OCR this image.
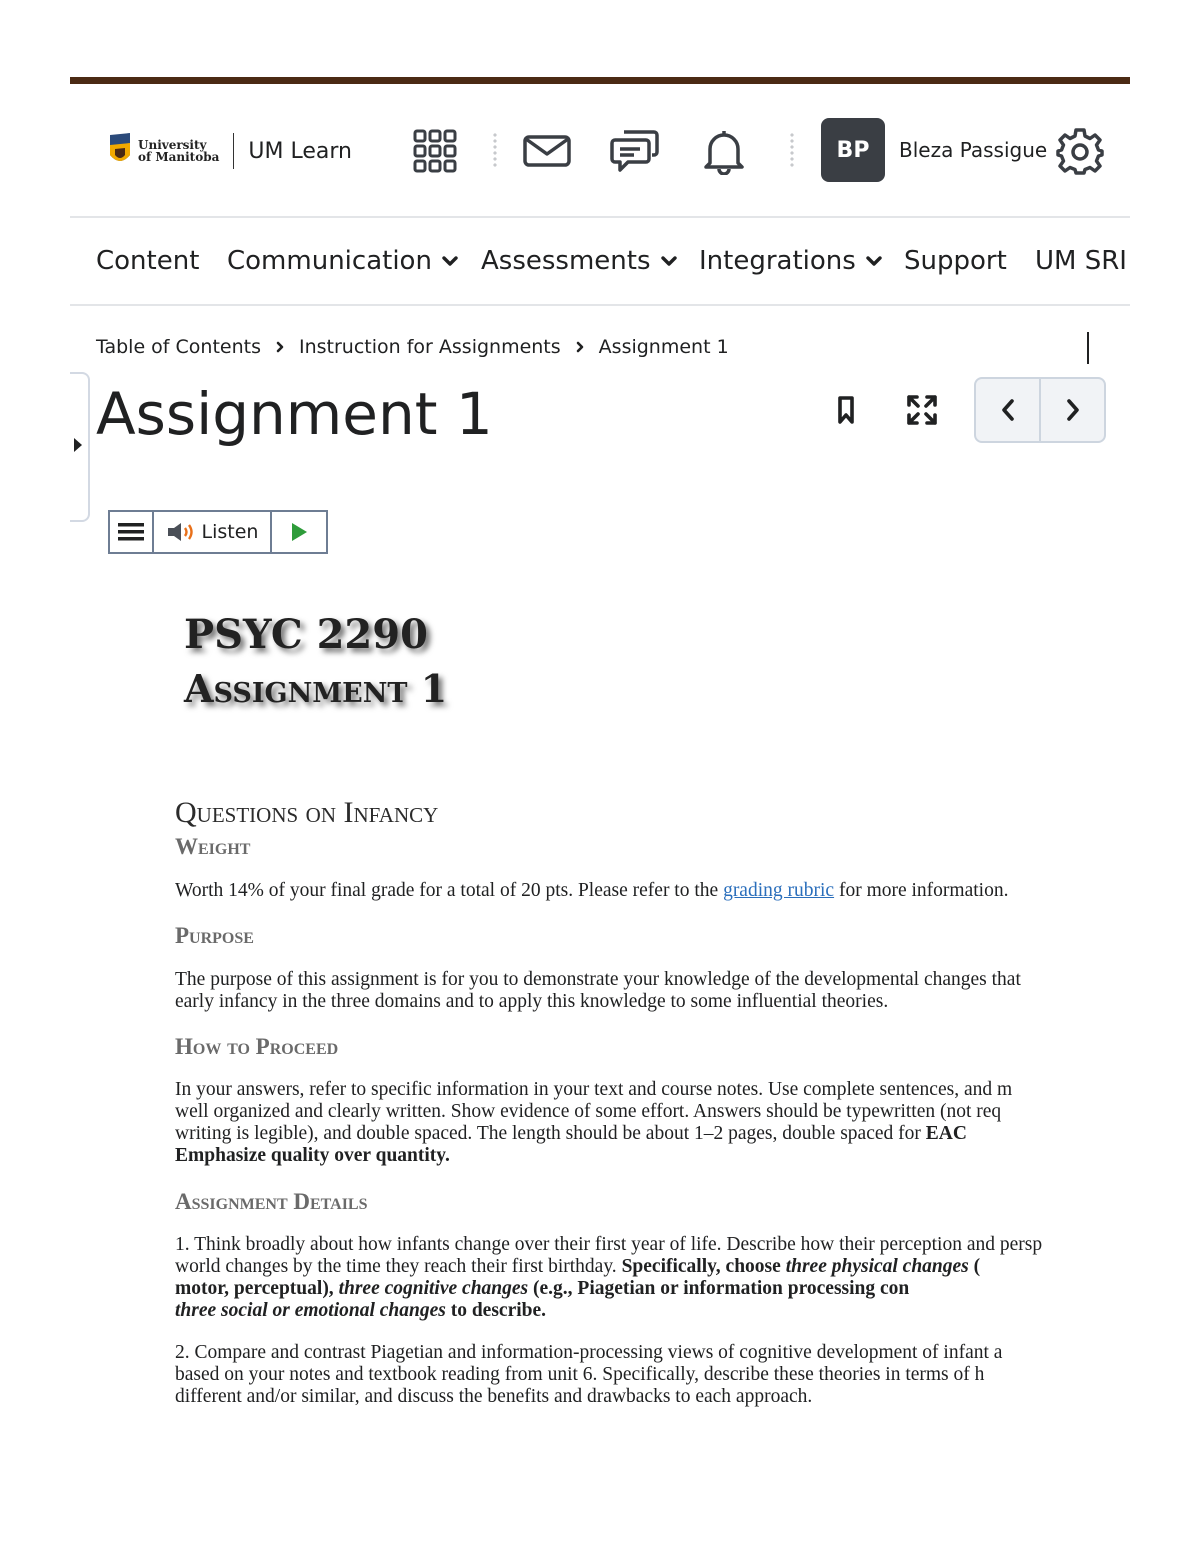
University
of Manitoba UM Learn	BP	Bleza Passigue
Content Communication Assessments Integrations Support UM SRI
Table of Contents Instruction for Assignments Assignment 1
Assignment 1
Listen
PSYC 2290
Assignment 1
Questions on Infancy
Weight
Worth 14% of your final grade for a total of 20 pts. Please refer to the grading rubric for more information.
Purpose
The purpose of this assignment is for you to demonstrate your knowledge of the developmental changes that
early infancy in the three domains and to apply this knowledge to some influential theories.
How to Proceed
In your answers, refer to specific information in your text and course notes. Use complete sentences, and m
well organized and clearly written. Show evidence of some effort. Answers should be typewritten (not req
writing is legible), and double spaced. The length should be about 1–2 pages, double spaced for EAC
Emphasize quality over quantity.
Assignment Details
1. Think broadly about how infants change over their first year of life. Describe how their perception and persp
world changes by the time they reach their first birthday. Specifically, choose three physical changes (
motor, perceptual), three cognitive changes (e.g., Piagetian or information processing con
three social or emotional changes to describe.
2. Compare and contrast Piagetian and information-processing views of cognitive development of infant a
based on your notes and textbook reading from unit 6. Specifically, describe these theories in terms of h
different and/or similar, and discuss the benefits and drawbacks to each approach.
